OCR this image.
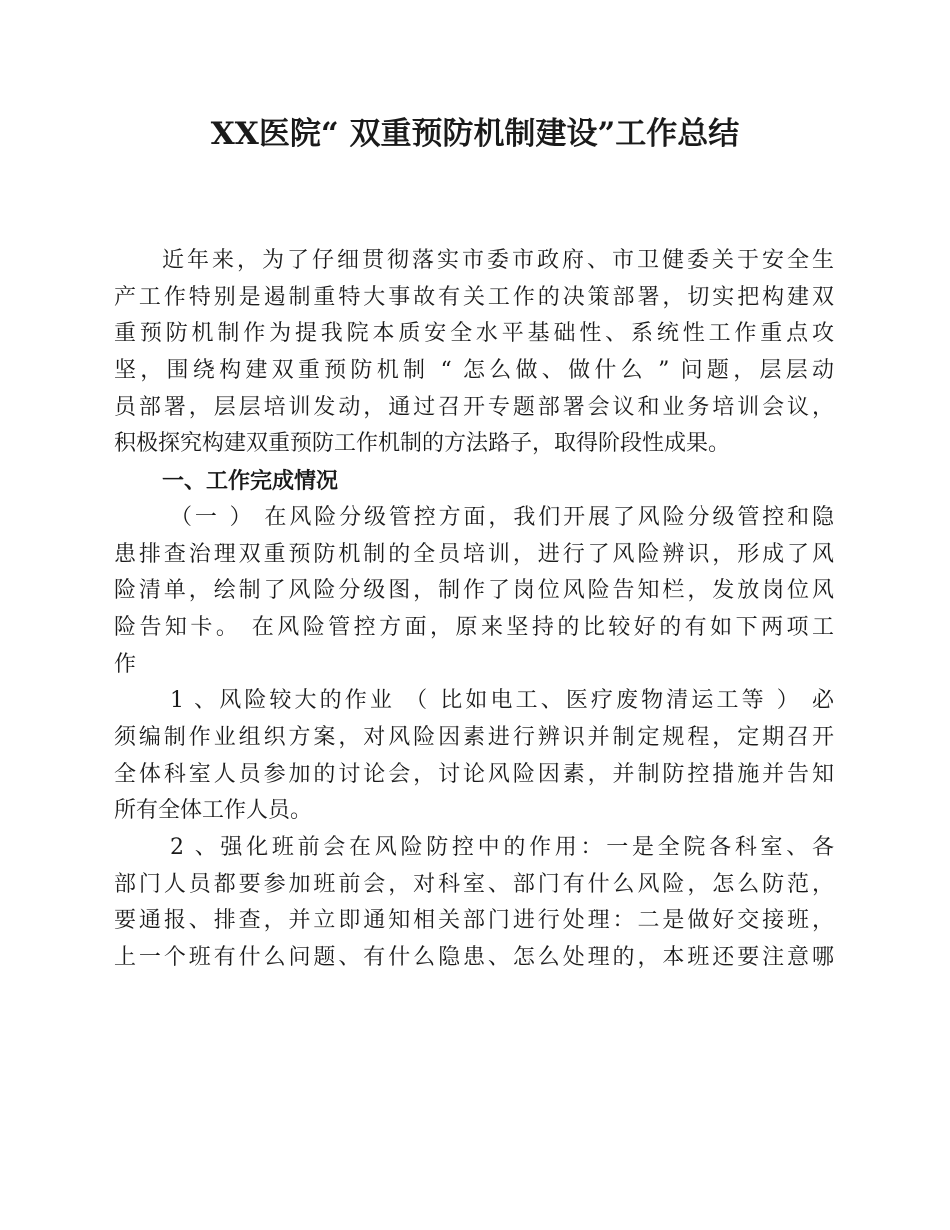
XX医院“ 双重预防机制建设”工作总结
近年来，为了仔细贯彻落实市委市政府、市卫健委关于安全生
产工作特别是遏制重特大事故有关工作的决策部署，切实把构建双
重预防机制作为提我院本质安全水平基础性、系统性工作重点攻
坚，围绕构建双重预防机制 “ 怎么做、做什么 ” 问题，层层动
员部署，层层培训发动，通过召开专题部署会议和业务培训会议，
积极探究构建双重预防工作机制的方法路子，取得阶段性成果。
一、工作完成情况
（一 ） 在风险分级管控方面，我们开展了风险分级管控和隐
患排查治理双重预防机制的全员培训，进行了风险辨识，形成了风
险清单，绘制了风险分级图，制作了岗位风险告知栏，发放岗位风
险告知卡。 在风险管控方面，原来坚持的比较好的有如下两项工
作
1 、风险较大的作业 （ 比如电工、医疗废物清运工等 ） 必
须编制作业组织方案，对风险因素进行辨识并制定规程，定期召开
全体科室人员参加的讨论会，讨论风险因素，并制防控措施并告知
所有全体工作人员。
2 、强化班前会在风险防控中的作用：一是全院各科室、各
部门人员都要参加班前会，对科室、部门有什么风险，怎么防范，
要通报、排查，并立即通知相关部门进行处理：二是做好交接班，
上一个班有什么问题、有什么隐患、怎么处理的，本班还要注意哪
